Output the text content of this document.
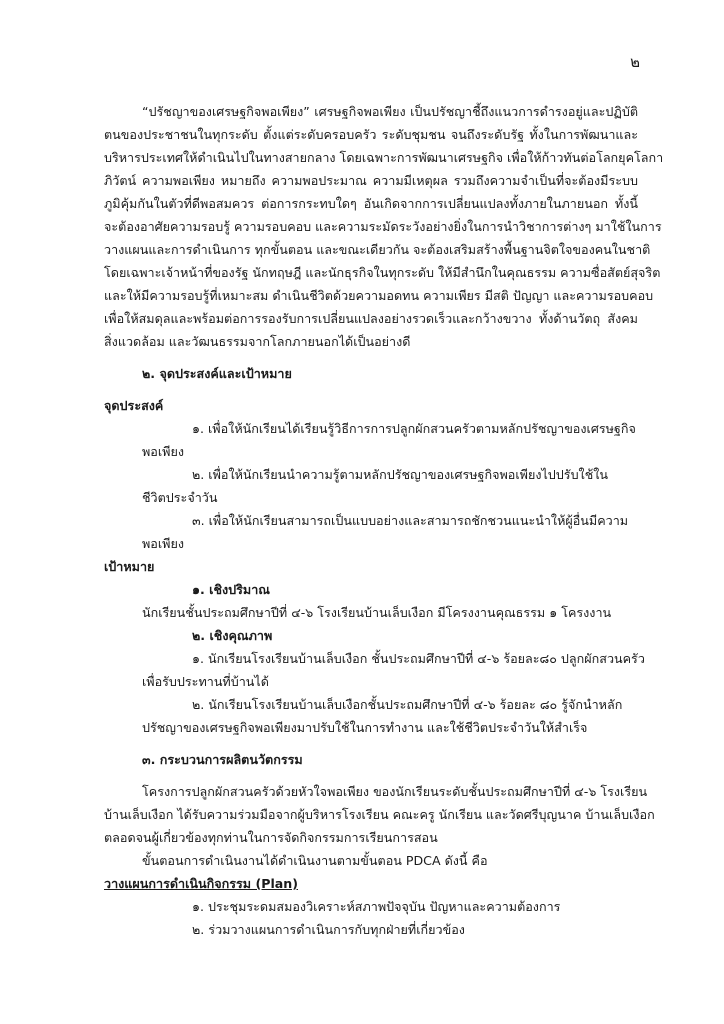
๒
“ปรัชญาของเศรษฐกิจพอเพียง” เศรษฐกิจพอเพียง เป็นปรัชญาชี้ถึงแนวการดำรงอยู่และปฏิบัติ
ตนของประชาชนในทุกระดับ ตั้งแต่ระดับครอบครัว ระดับชุมชน จนถึงระดับรัฐ ทั้งในการพัฒนาและ
บริหารประเทศให้ดำเนินไปในทางสายกลาง โดยเฉพาะการพัฒนาเศรษฐกิจ เพื่อให้ก้าวทันต่อโลกยุคโลกา
ภิวัตน์ ความพอเพียง หมายถึง ความพอประมาณ ความมีเหตุผล รวมถึงความจำเป็นที่จะต้องมีระบบ
ภูมิคุ้มกันในตัวที่ดีพอสมควร ต่อการกระทบใดๆ อันเกิดจากการเปลี่ยนแปลงทั้งภายในภายนอก ทั้งนี้
จะต้องอาศัยความรอบรู้ ความรอบคอบ และความระมัดระวังอย่างยิ่งในการนำวิชาการต่างๆ มาใช้ในการ
วางแผนและการดำเนินการ ทุกขั้นตอน และขณะเดียวกัน จะต้องเสริมสร้างพื้นฐานจิตใจของคนในชาติ
โดยเฉพาะเจ้าหน้าที่ของรัฐ นักทฤษฎี และนักธุรกิจในทุกระดับ ให้มีสำนึกในคุณธรรม ความซื่อสัตย์สุจริต
และให้มีความรอบรู้ที่เหมาะสม ดำเนินชีวิตด้วยความอดทน ความเพียร มีสติ ปัญญา และความรอบคอบ
เพื่อให้สมดุลและพร้อมต่อการรองรับการเปลี่ยนแปลงอย่างรวดเร็วและกว้างขวาง ทั้งด้านวัตถุ สังคม
สิ่งแวดล้อม และวัฒนธรรมจากโลกภายนอกได้เป็นอย่างดี
๒. จุดประสงค์และเป้าหมาย
จุดประสงค์
๑. เพื่อให้นักเรียนได้เรียนรู้วิธีการการปลูกผักสวนครัวตามหลักปรัชญาของเศรษฐกิจ
พอเพียง
๒. เพื่อให้นักเรียนนำความรู้ตามหลักปรัชญาของเศรษฐกิจพอเพียงไปปรับใช้ใน
ชีวิตประจำวัน
๓. เพื่อให้นักเรียนสามารถเป็นแบบอย่างและสามารถชักชวนแนะนำให้ผู้อื่นมีความ
พอเพียง
เป้าหมาย
๑. เชิงปริมาณ
นักเรียนชั้นประถมศึกษาปีที่ ๔-๖ โรงเรียนบ้านเล็บเงือก มีโครงงานคุณธรรม ๑ โครงงาน
๒. เชิงคุณภาพ
๑. นักเรียนโรงเรียนบ้านเล็บเงือก ชั้นประถมศึกษาปีที่ ๔-๖ ร้อยละ๘๐ ปลูกผักสวนครัว
เพื่อรับประทานที่บ้านได้
๒. นักเรียนโรงเรียนบ้านเล็บเงือกชั้นประถมศึกษาปีที่ ๔-๖ ร้อยละ ๘๐ รู้จักนำหลัก
ปรัชญาของเศรษฐกิจพอเพียงมาปรับใช้ในการทำงาน และใช้ชีวิตประจำวันให้สำเร็จ
๓. กระบวนการผลิตนวัตกรรม
โครงการปลูกผักสวนครัวด้วยหัวใจพอเพียง ของนักเรียนระดับชั้นประถมศึกษาปีที่ ๔-๖ โรงเรียน
บ้านเล็บเงือก ได้รับความร่วมมือจากผู้บริหารโรงเรียน คณะครู นักเรียน และวัดศรีบุญนาค บ้านเล็บเงือก
ตลอดจนผู้เกี่ยวข้องทุกท่านในการจัดกิจกรรมการเรียนการสอน
ขั้นตอนการดำเนินงานได้ดำเนินงานตามขั้นตอน PDCA ดังนี้ คือ
วางแผนการดำเนินกิจกรรม (Plan)
๑. ประชุมระดมสมองวิเคราะห์สภาพปัจจุบัน ปัญหาและความต้องการ
๒. ร่วมวางแผนการดำเนินการกับทุกฝ่ายที่เกี่ยวข้อง
